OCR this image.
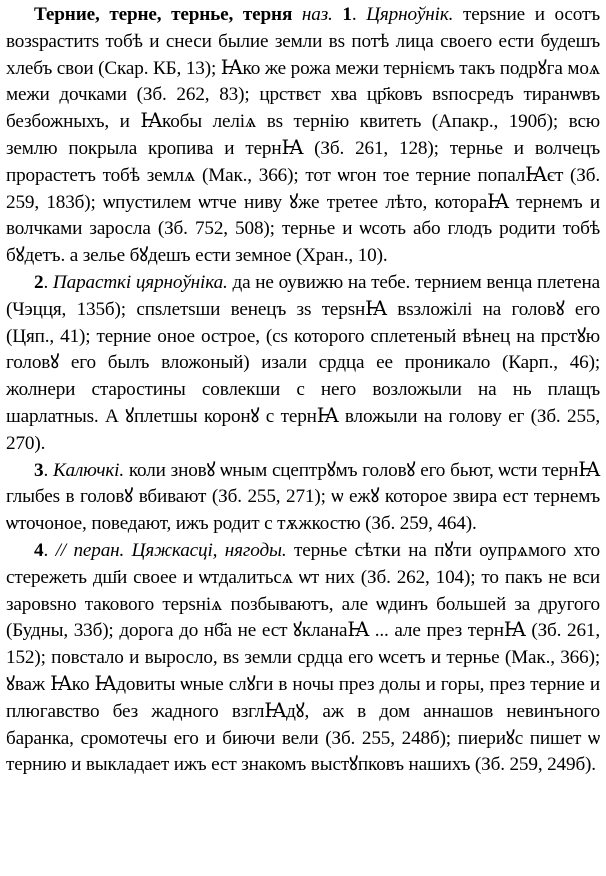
Терние, терне, тернье, терня наз. 1. Цярноўнік. терsние и осотъ возsраститs тобѣ и снеси былие земли вs потѣ лица своего ести будешъ хлебъ свои (Скар. КБ, 13); Ꙗко же рожа межи терніємъ такъ подрꙋга моѧ межи дочками (Зб. 262, 83); црствєт хва цр҃ковъ вsпосредъ тиранѡвъ безбожныхъ, и Ꙗкобы леліѧ вs тернію квитеть (Апакр., 190б); всю землю покрыла кропива и тернꙖ (Зб. 261, 128); тернье и волчецъ прорастетъ тобѣ землѧ (Мак., 366); тот ѡгон тое терние попалꙖєт (Зб. 259, 183б); ѡпустилем ѡтче ниву ꙋже третее лѣто, котораꙖ тернемъ и волчками заросла (Зб. 752, 508); тернье и ѡсоть або глодъ родити тобѣ бꙋдетъ. а зелье бꙋдешъ ести земное (Хран., 10).

2. Парасткі цярноўніка. да не оувижю на тебе. тернием венца плетена (Чэцця, 135б); спsлетsши венецъ зs терsнꙖ вsзложілі на головꙋ его (Цяп., 41); терние оное острое, (сs которого сплетеный вѣнец на прстꙋю головꙋ его былъ вложоный) изали срдца ее проникало (Карп., 46); жолнери старостины совлекши с него возложыли на нь плащъ шарлатныs. А ꙋплетшы коронꙋ с тернꙖ вложыли на голову ег (Зб. 255, 270).

3. Калючкі. коли зновꙋ ѡным сцептрꙋмъ головꙋ его бьют, ѡсти тернꙖ глыбеs в головꙋ вбивают (Зб. 255, 271); ѡ ежꙋ которое звира ест тернемъ ѡточоное, поведают, ижъ родит с тѫжкостю (Зб. 259, 464).

4. // перан. Цяжкасці, нягоды. тернье сѣтки на пꙋти оупрѧмого хто стережеть дш҃и своее и ѡтдалитьсѧ ѡт них (Зб. 262, 104); то пакъ не вси заровsно такового терsніѧ позбываютъ, але ѡдинъ большей за другого (Будны, 33б); дорога до нб҃а не ест ꙋкланаꙖ ... але през тернꙖ (Зб. 261, 152); повстало и выросло, вs земли срдца его ѡсетъ и тернье (Мак., 366); ꙋваж Ꙗко Ꙗдовиты ѡные слꙋги в ночы през долы и горы, през терние и плюгавство без жадного взглꙖдꙋ, аж в дом аннашов невинъного баранка, сромотечы его и биючи вели (Зб. 255, 248б); пиериꙋс пишет ѡ тернию и выкладает ижъ ест знакомъ выстꙋпковъ нашихъ (Зб. 259, 249б).
